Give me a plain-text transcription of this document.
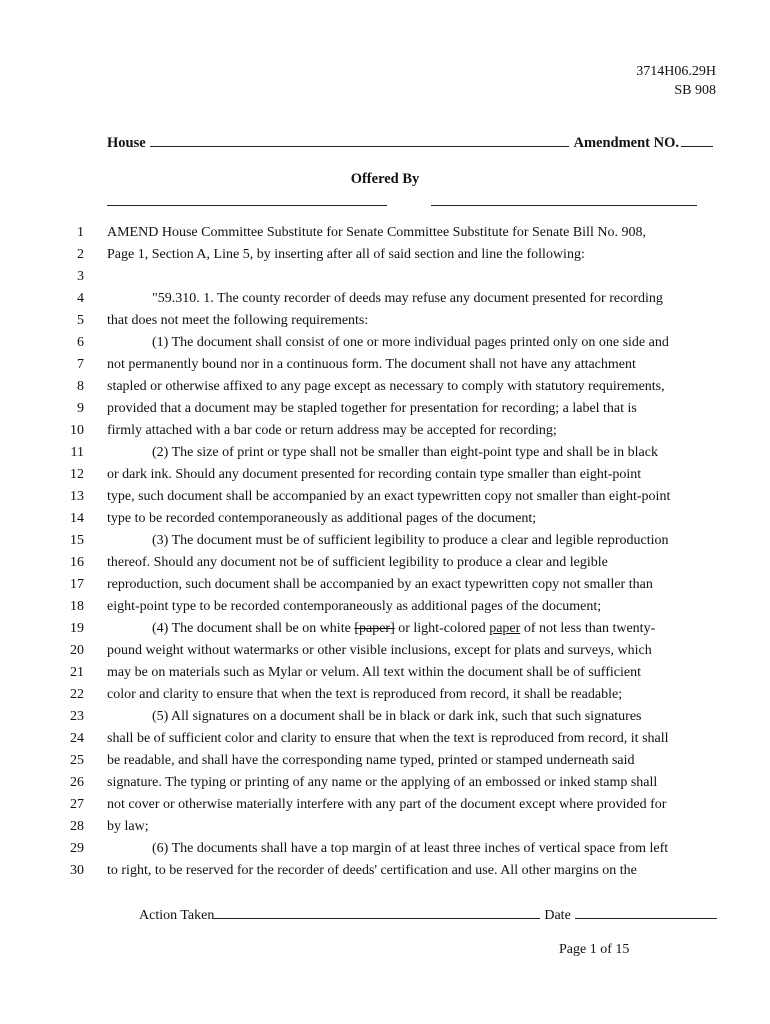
3714H06.29H
SB 908
House	Amendment NO.
Offered By
1 AMEND House Committee Substitute for Senate Committee Substitute for Senate Bill No. 908,
2 Page 1, Section A, Line 5, by inserting after all of said section and line the following:
3
4	"59.310. 1. The county recorder of deeds may refuse any document presented for recording
5 that does not meet the following requirements:
6	(1) The document shall consist of one or more individual pages printed only on one side and
7 not permanently bound nor in a continuous form. The document shall not have any attachment
8 stapled or otherwise affixed to any page except as necessary to comply with statutory requirements,
9 provided that a document may be stapled together for presentation for recording; a label that is
10 firmly attached with a bar code or return address may be accepted for recording;
11	(2) The size of print or type shall not be smaller than eight-point type and shall be in black
12 or dark ink. Should any document presented for recording contain type smaller than eight-point
13 type, such document shall be accompanied by an exact typewritten copy not smaller than eight-point
14 type to be recorded contemporaneously as additional pages of the document;
15	(3) The document must be of sufficient legibility to produce a clear and legible reproduction
16 thereof. Should any document not be of sufficient legibility to produce a clear and legible
17 reproduction, such document shall be accompanied by an exact typewritten copy not smaller than
18 eight-point type to be recorded contemporaneously as additional pages of the document;
19	(4) The document shall be on white [paper] or light-colored paper of not less than twenty-
20 pound weight without watermarks or other visible inclusions, except for plats and surveys, which
21 may be on materials such as Mylar or velum. All text within the document shall be of sufficient
22 color and clarity to ensure that when the text is reproduced from record, it shall be readable;
23	(5) All signatures on a document shall be in black or dark ink, such that such signatures
24 shall be of sufficient color and clarity to ensure that when the text is reproduced from record, it shall
25 be readable, and shall have the corresponding name typed, printed or stamped underneath said
26 signature. The typing or printing of any name or the applying of an embossed or inked stamp shall
27 not cover or otherwise materially interfere with any part of the document except where provided for
28 by law;
29	(6) The documents shall have a top margin of at least three inches of vertical space from left
30 to right, to be reserved for the recorder of deeds' certification and use. All other margins on the
Action Taken	Date
Page 1 of 15
